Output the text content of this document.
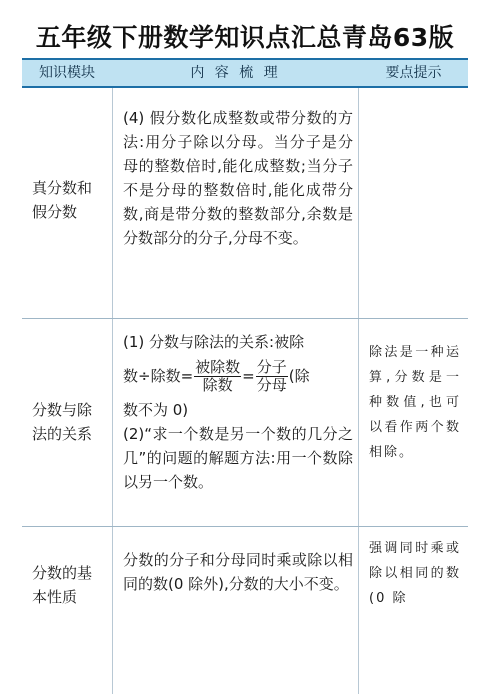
五年级下册数学知识点汇总青岛63版
知识模块	内 容 梳 理	要点提示
真分数和
假分数
(4) 假分数化成整数或带分数的方法:用分子除以分母。当分子是分母的整数倍时,能化成整数;当分子不是分母的整数倍时,能化成带分数,商是带分数的整数部分,余数是分数部分的分子,分母不变。
分数与除
法的关系

(1) 分数与除法的关系:被除

数÷除数= $\frac{\text{被除数}}{\text{除数}} = \frac{\text{分子}}{\text{分母}}$ (除

数不为 0)

(2)“求一个数是另一个数的几分之几”的问题的解题方法:用一个数除以另一个数。

除法是一种运算,分数是一种数值,也可以看作两个数相除。
分数的基
本性质
分数的分子和分母同时乘或除以相同的数(0 除外),分数的大小不变。
强调同时乘或除以相同的数(0 除
